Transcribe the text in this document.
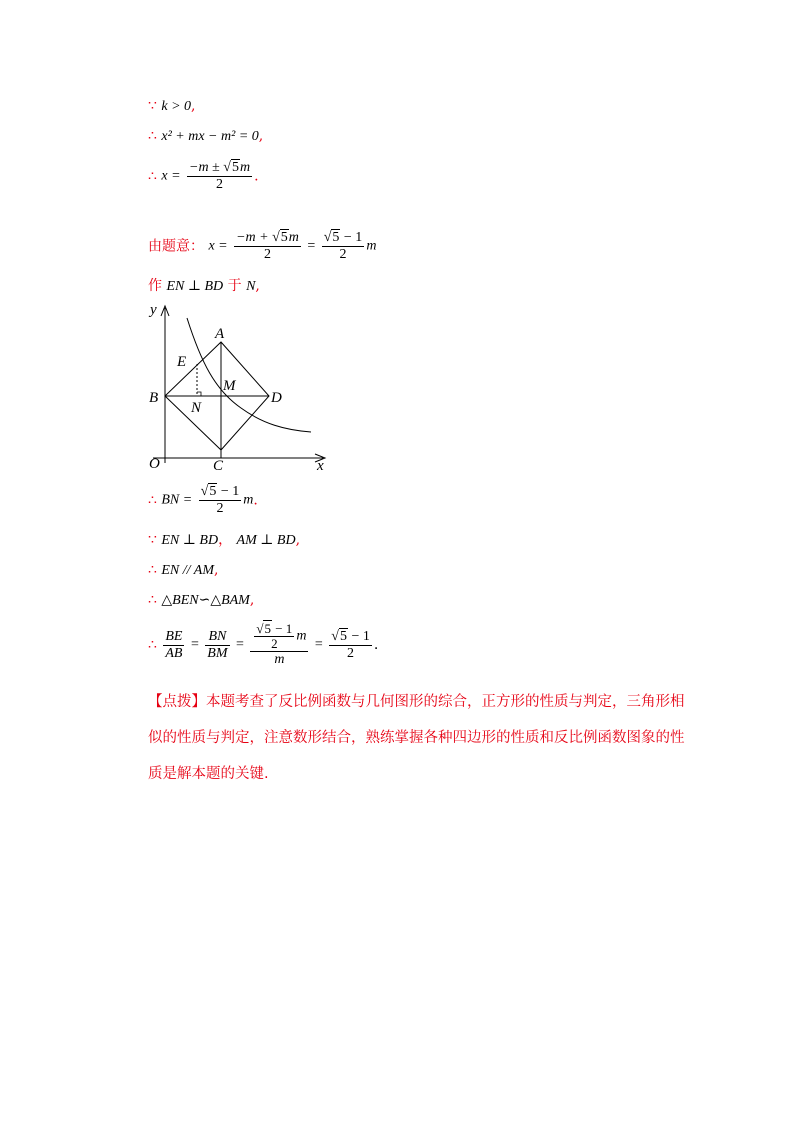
∵ k > 0,
∴ x² + mx − m² = 0,
∴ $x = \frac{-m \pm √5m}{2}$ .
由题意： $x = \frac{-m + √5m}{2} = \frac{√5 - 1}{2}$ m
作 EN ⊥ BD 于 N,
y
x
O
A
B
C
D
E
M
N
∴ BN = $\frac{√5 - 1}{2} m$.
∵ EN ⊥ BD， AM ⊥ BD,
∴ EN // AM,
∴ △BEN∽△BAM,
∴ $\frac{BE}{AB} = \frac{BN}{BM} = \frac{\frac{√5 - 1}{2} m}{m} = \frac{√5 - 1}{2}$ .
【点拨】本题考查了反比例函数与几何图形的综合，正方形的性质与判定，三角形相似的性质与判定，注意数形结合，熟练掌握各种四边形的性质和反比例函数图象的性质是解本题的关键.
